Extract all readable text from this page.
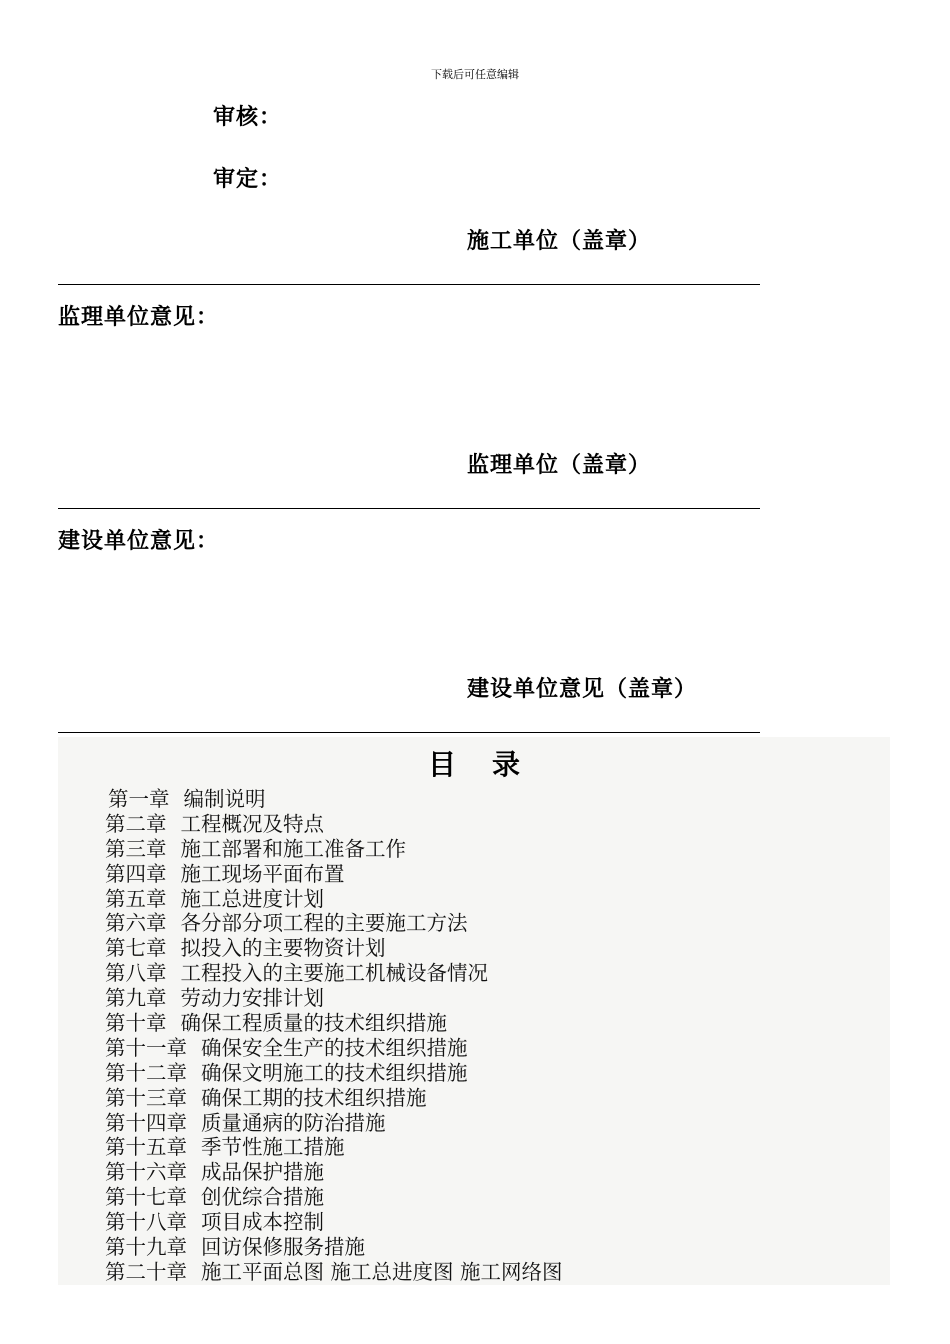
下载后可任意编辑
审核：
审定：
施工单位（盖章）
监理单位意见：
监理单位（盖章）
建设单位意见：
建设单位意见（盖章）
目 录
第一章 编制说明
第二章 工程概况及特点
第三章 施工部署和施工准备工作
第四章 施工现场平面布置
第五章 施工总进度计划
第六章 各分部分项工程的主要施工方法
第七章 拟投入的主要物资计划
第八章 工程投入的主要施工机械设备情况
第九章 劳动力安排计划
第十章 确保工程质量的技术组织措施
第十一章 确保安全生产的技术组织措施
第十二章 确保文明施工的技术组织措施
第十三章 确保工期的技术组织措施
第十四章 质量通病的防治措施
第十五章 季节性施工措施
第十六章 成品保护措施
第十七章 创优综合措施
第十八章 项目成本控制
第十九章 回访保修服务措施
第二十章 施工平面总图 施工总进度图 施工网络图
